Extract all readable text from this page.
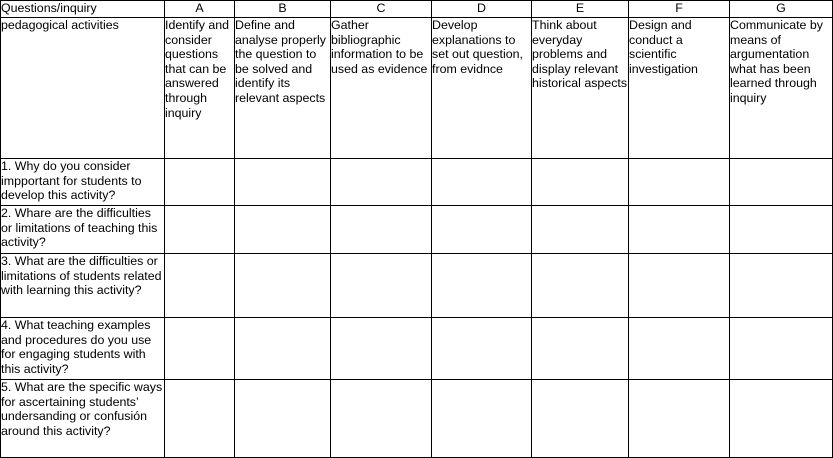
Questions/inquiry	A	B	C	D	E	F	G
pedagogical activities	Identify and consider questions that can be answered through inquiry	Define and analyse properly the question to be solved and identify its relevant aspects	Gather bibliographic information to be used as evidence	Develop explanations to set out question, from evidnce	Think about everyday problems and display relevant historical aspects	Design and conduct a scientific investigation	Communicate by means of argumentation what has been learned through inquiry
1. Why do you consider impportant for students to develop this activity?							
2. Whare are the difficulties or limitations of teaching this activity?							
3. What are the difficulties or limitations of students related with learning this activity?							
4. What teaching examples and procedures do you use for engaging students with this activity?							
5. What are the specific ways for ascertaining students’ undersanding or confusión around this activity?							
